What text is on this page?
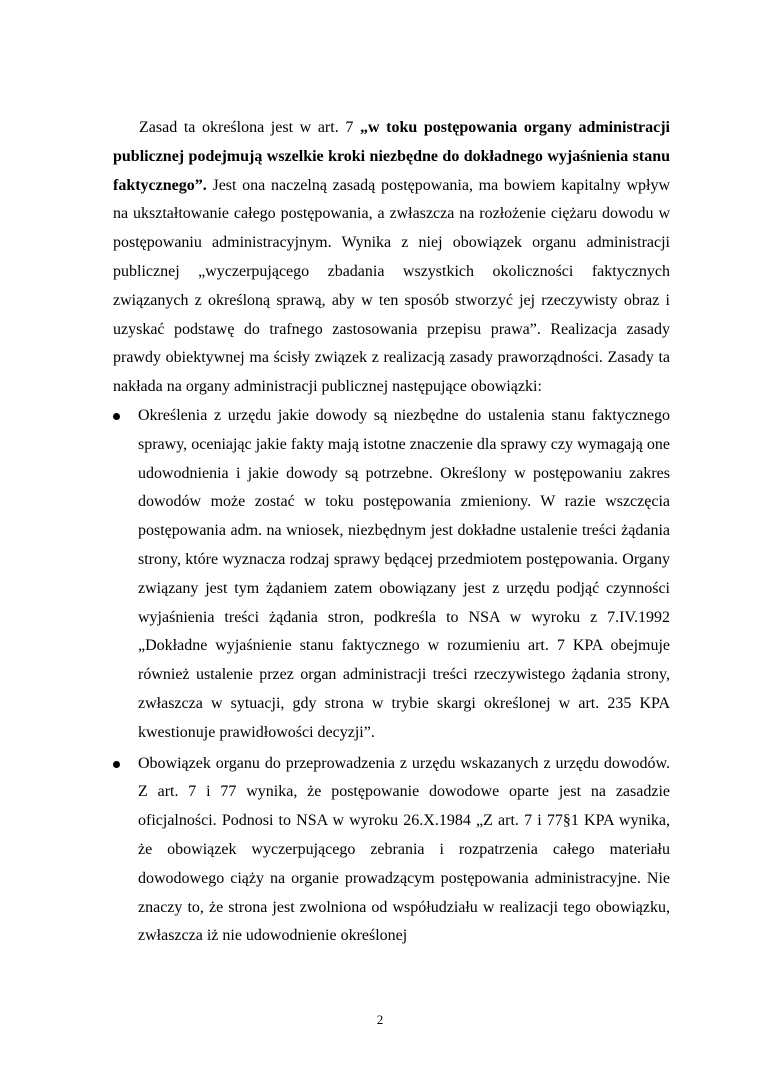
Zasad ta określona jest w art. 7 „w toku postępowania organy administracji publicznej podejmują wszelkie kroki niezbędne do dokładnego wyjaśnienia stanu faktycznego”. Jest ona naczelną zasadą postępowania, ma bowiem kapitalny wpływ na ukształtowanie całego postępowania, a zwłaszcza na rozłożenie ciężaru dowodu w postępowaniu administracyjnym. Wynika z niej obowiązek organu administracji publicznej „wyczerpującego zbadania wszystkich okoliczności faktycznych związanych z określoną sprawą, aby w ten sposób stworzyć jej rzeczywisty obraz i uzyskać podstawę do trafnego zastosowania przepisu prawa”. Realizacja zasady prawdy obiektywnej ma ścisły związek z realizacją zasady praworządności. Zasady ta nakłada na organy administracji publicznej następujące obowiązki:

Określenia z urzędu jakie dowody są niezbędne do ustalenia stanu faktycznego sprawy, oceniając jakie fakty mają istotne znaczenie dla sprawy czy wymagają one udowodnienia i jakie dowody są potrzebne. Określony w postępowaniu zakres dowodów może zostać w toku postępowania zmieniony. W razie wszczęcia postępowania adm. na wniosek, niezbędnym jest dokładne ustalenie treści żądania strony, które wyznacza rodzaj sprawy będącej przedmiotem postępowania. Organy związany jest tym żądaniem zatem obowiązany jest z urzędu podjąć czynności wyjaśnienia treści żądania stron, podkreśla to NSA w wyroku z 7.IV.1992 „Dokładne wyjaśnienie stanu faktycznego w rozumieniu art. 7 KPA obejmuje również ustalenie przez organ administracji treści rzeczywistego żądania strony, zwłaszcza w sytuacji, gdy strona w trybie skargi określonej w art. 235 KPA kwestionuje prawidłowości decyzji”.
Obowiązek organu do przeprowadzenia z urzędu wskazanych z urzędu dowodów. Z art. 7 i 77 wynika, że postępowanie dowodowe oparte jest na zasadzie oficjalności. Podnosi to NSA w wyroku 26.X.1984 „Z art. 7 i 77§1 KPA wynika, że obowiązek wyczerpującego zebrania i rozpatrzenia całego materiału dowodowego ciąży na organie prowadzącym postępowania administracyjne. Nie znaczy to, że strona jest zwolniona od współudziału w realizacji tego obowiązku, zwłaszcza iż nie udowodnienie określonej
2
